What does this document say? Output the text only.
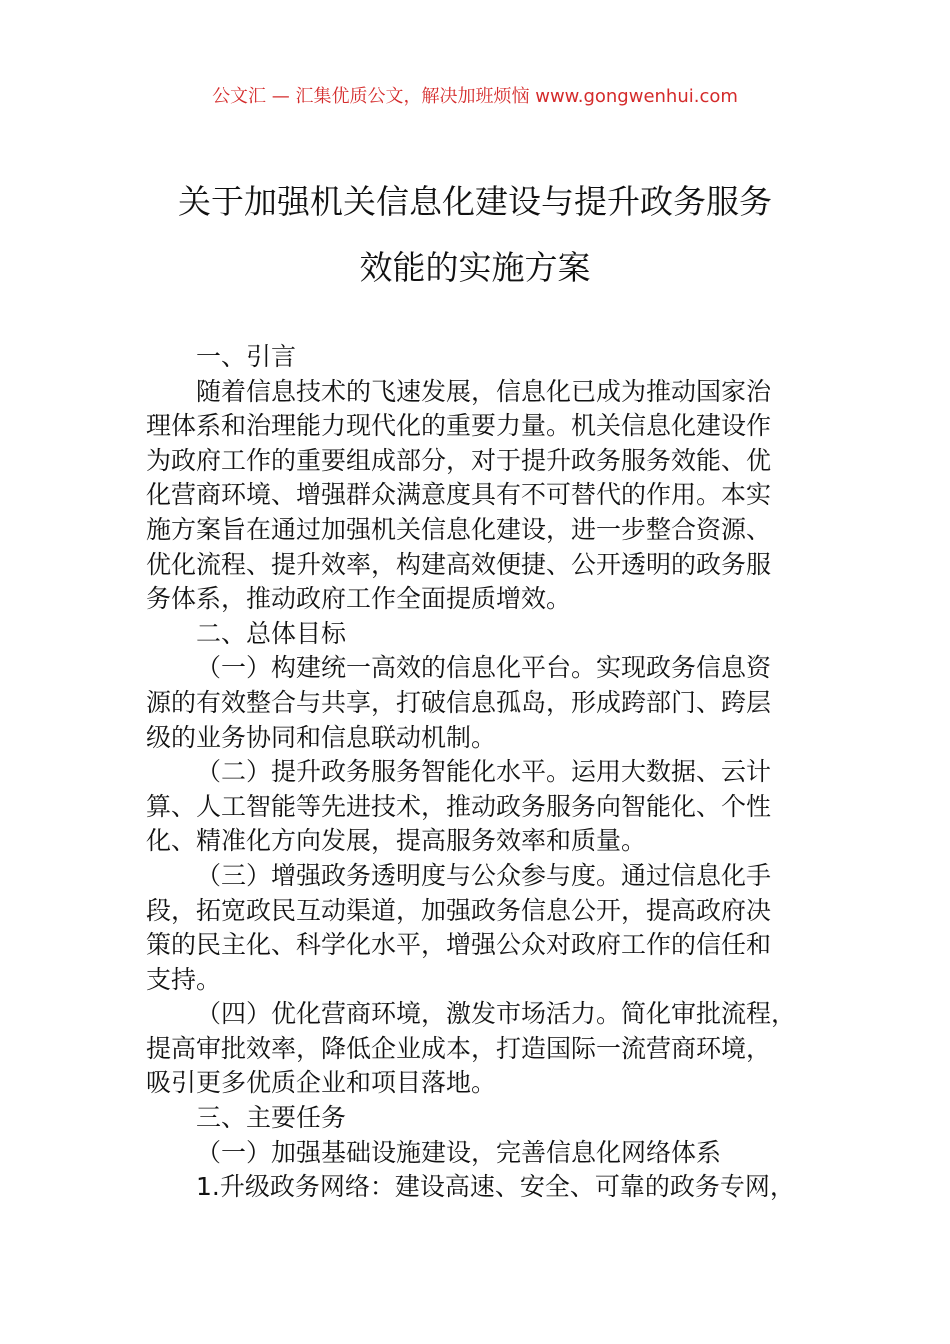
公文汇 — 汇集优质公文，解决加班烦恼 www.gongwenhui.com
关于加强机关信息化建设与提升政务服务
效能的实施方案
一、引言
随着信息技术的飞速发展，信息化已成为推动国家治
理体系和治理能力现代化的重要力量。机关信息化建设作
为政府工作的重要组成部分，对于提升政务服务效能、优
化营商环境、增强群众满意度具有不可替代的作用。本实
施方案旨在通过加强机关信息化建设，进一步整合资源、
优化流程、提升效率，构建高效便捷、公开透明的政务服
务体系，推动政府工作全面提质增效。
二、总体目标
（一）构建统一高效的信息化平台。实现政务信息资
源的有效整合与共享，打破信息孤岛，形成跨部门、跨层
级的业务协同和信息联动机制。
（二）提升政务服务智能化水平。运用大数据、云计
算、人工智能等先进技术，推动政务服务向智能化、个性
化、精准化方向发展，提高服务效率和质量。
（三）增强政务透明度与公众参与度。通过信息化手
段，拓宽政民互动渠道，加强政务信息公开，提高政府决
策的民主化、科学化水平，增强公众对政府工作的信任和
支持。
（四）优化营商环境，激发市场活力。简化审批流程，
提高审批效率，降低企业成本，打造国际一流营商环境，
吸引更多优质企业和项目落地。
三、主要任务
（一）加强基础设施建设，完善信息化网络体系
1.升级政务网络：建设高速、安全、可靠的政务专网，
